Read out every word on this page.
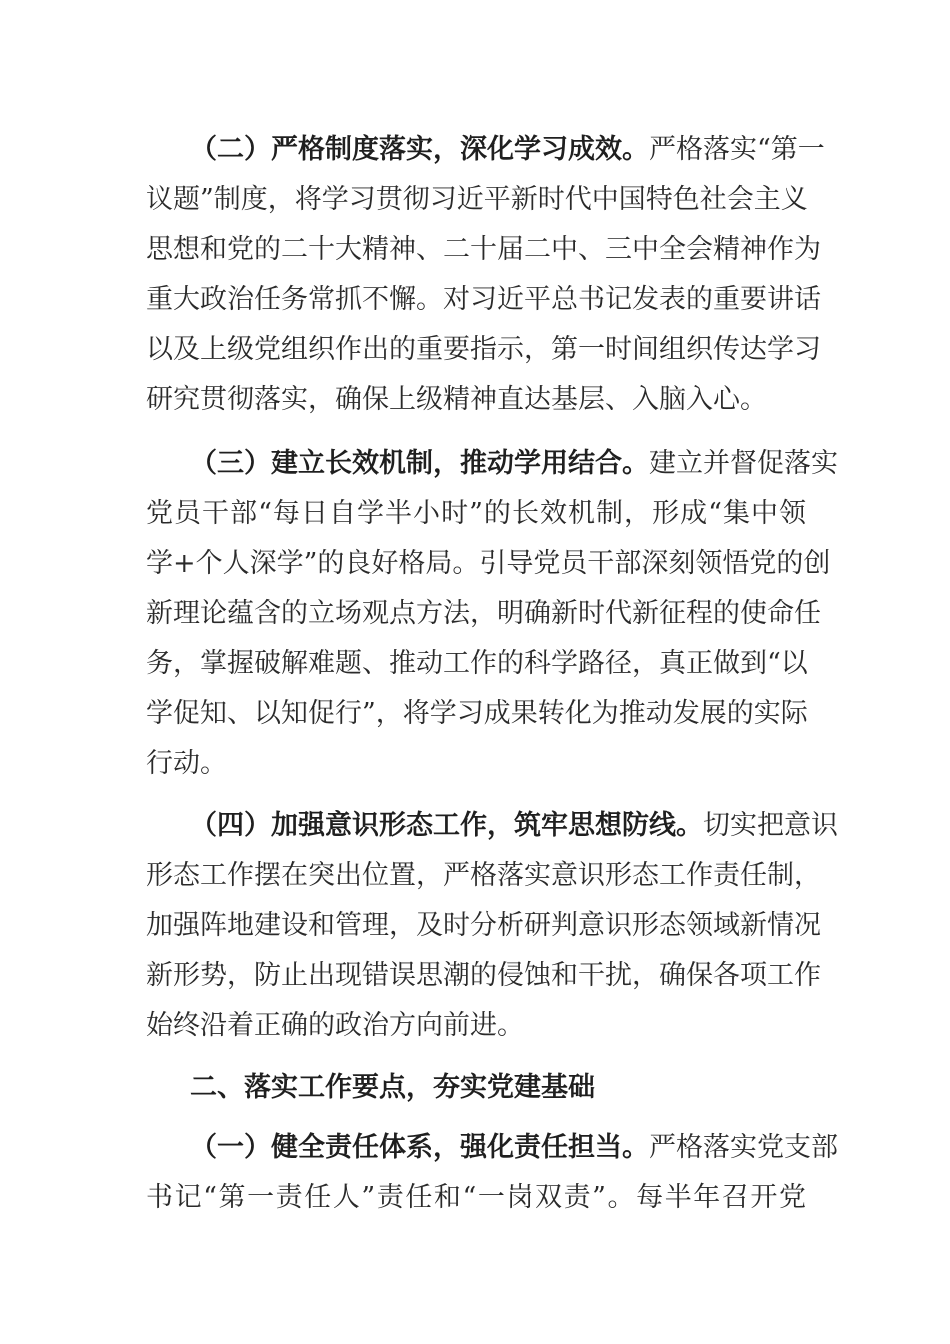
（二）严格制度落实，深化学习成效。严格落实“第一
议题”制度，将学习贯彻习近平新时代中国特色社会主义
思想和党的二十大精神、二十届二中、三中全会精神作为
重大政治任务常抓不懈。对习近平总书记发表的重要讲话
以及上级党组织作出的重要指示，第一时间组织传达学习
研究贯彻落实，确保上级精神直达基层、入脑入心。
（三）建立长效机制，推动学用结合。建立并督促落实
党员干部“每日自学半小时”的长效机制，形成“集中领
学+个人深学”的良好格局。引导党员干部深刻领悟党的创
新理论蕴含的立场观点方法，明确新时代新征程的使命任
务，掌握破解难题、推动工作的科学路径，真正做到“以
学促知、以知促行”，将学习成果转化为推动发展的实际
行动。
（四）加强意识形态工作，筑牢思想防线。切实把意识
形态工作摆在突出位置，严格落实意识形态工作责任制，
加强阵地建设和管理，及时分析研判意识形态领域新情况
新形势，防止出现错误思潮的侵蚀和干扰，确保各项工作
始终沿着正确的政治方向前进。
二、落实工作要点，夯实党建基础
（一）健全责任体系，强化责任担当。严格落实党支部
书记“第一责任人”责任和“一岗双责”。每半年召开党
